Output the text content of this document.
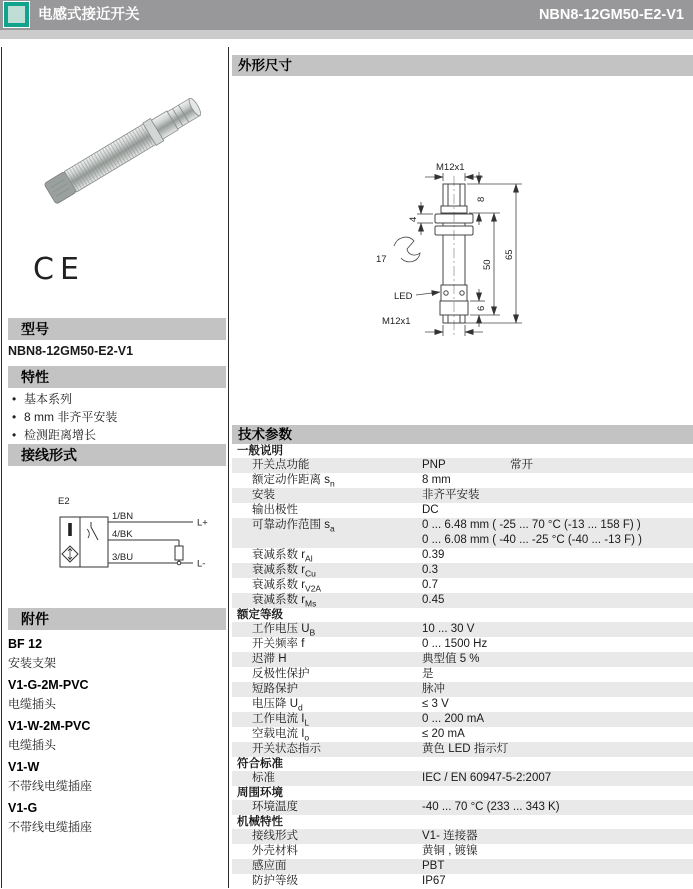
电感式接近开关	NBN8-12GM50-E2-V1
CE
型号
NBN8-12GM50-E2-V1
特性
• 基本系列
• 8 mm 非齐平安装
• 检测距离增长
接线形式
E2
1/BN
4/BK
3/BU
L+
L-
附件
BF 12
安装支架
V1-G-2M-PVC
电缆插头
V1-W-2M-PVC
电缆插头
V1-W
不带线电缆插座
V1-G
不带线电缆插座
外形尺寸
M12x1
8
4
17	50
65
6
LED
M12x1
技术参数
一般说明
开关点功能	PNP	常开
额定动作距离 $s_n$	8 mm
安装	非齐平安装
输出极性	DC
可靠动作范围 $s_a$	0 ... 6.48 mm ( -25 ... 70 °C (-13 ... 158 F) )
0 ... 6.08 mm ( -40 ... -25 °C (-40 ... -13 F) )
衰减系数 $r_{Al}$	0.39
衰减系数 $r_{Cu}$	0.3
衰减系数 $r_{V2A}$	0.7
衰减系数 $r_{Ms}$	0.45
额定等级
工作电压 $U_B$	10 ... 30 V
开关频率 f	0 ... 1500 Hz
迟滞 H	典型值 5 %
反极性保护	是
短路保护	脉冲
电压降 $U_d$	≤ 3 V
工作电流 $I_L$	0 ... 200 mA
空载电流 $I_o$	≤ 20 mA
开关状态指示	黄色 LED 指示灯
符合标准
标准	IEC / EN 60947-5-2:2007
周围环境
环境温度	-40 ... 70 °C (233 ... 343 K)
机械特性
接线形式	V1- 连接器
外壳材料	黄铜 , 镀镍
感应面	PBT
防护等级	IP67
